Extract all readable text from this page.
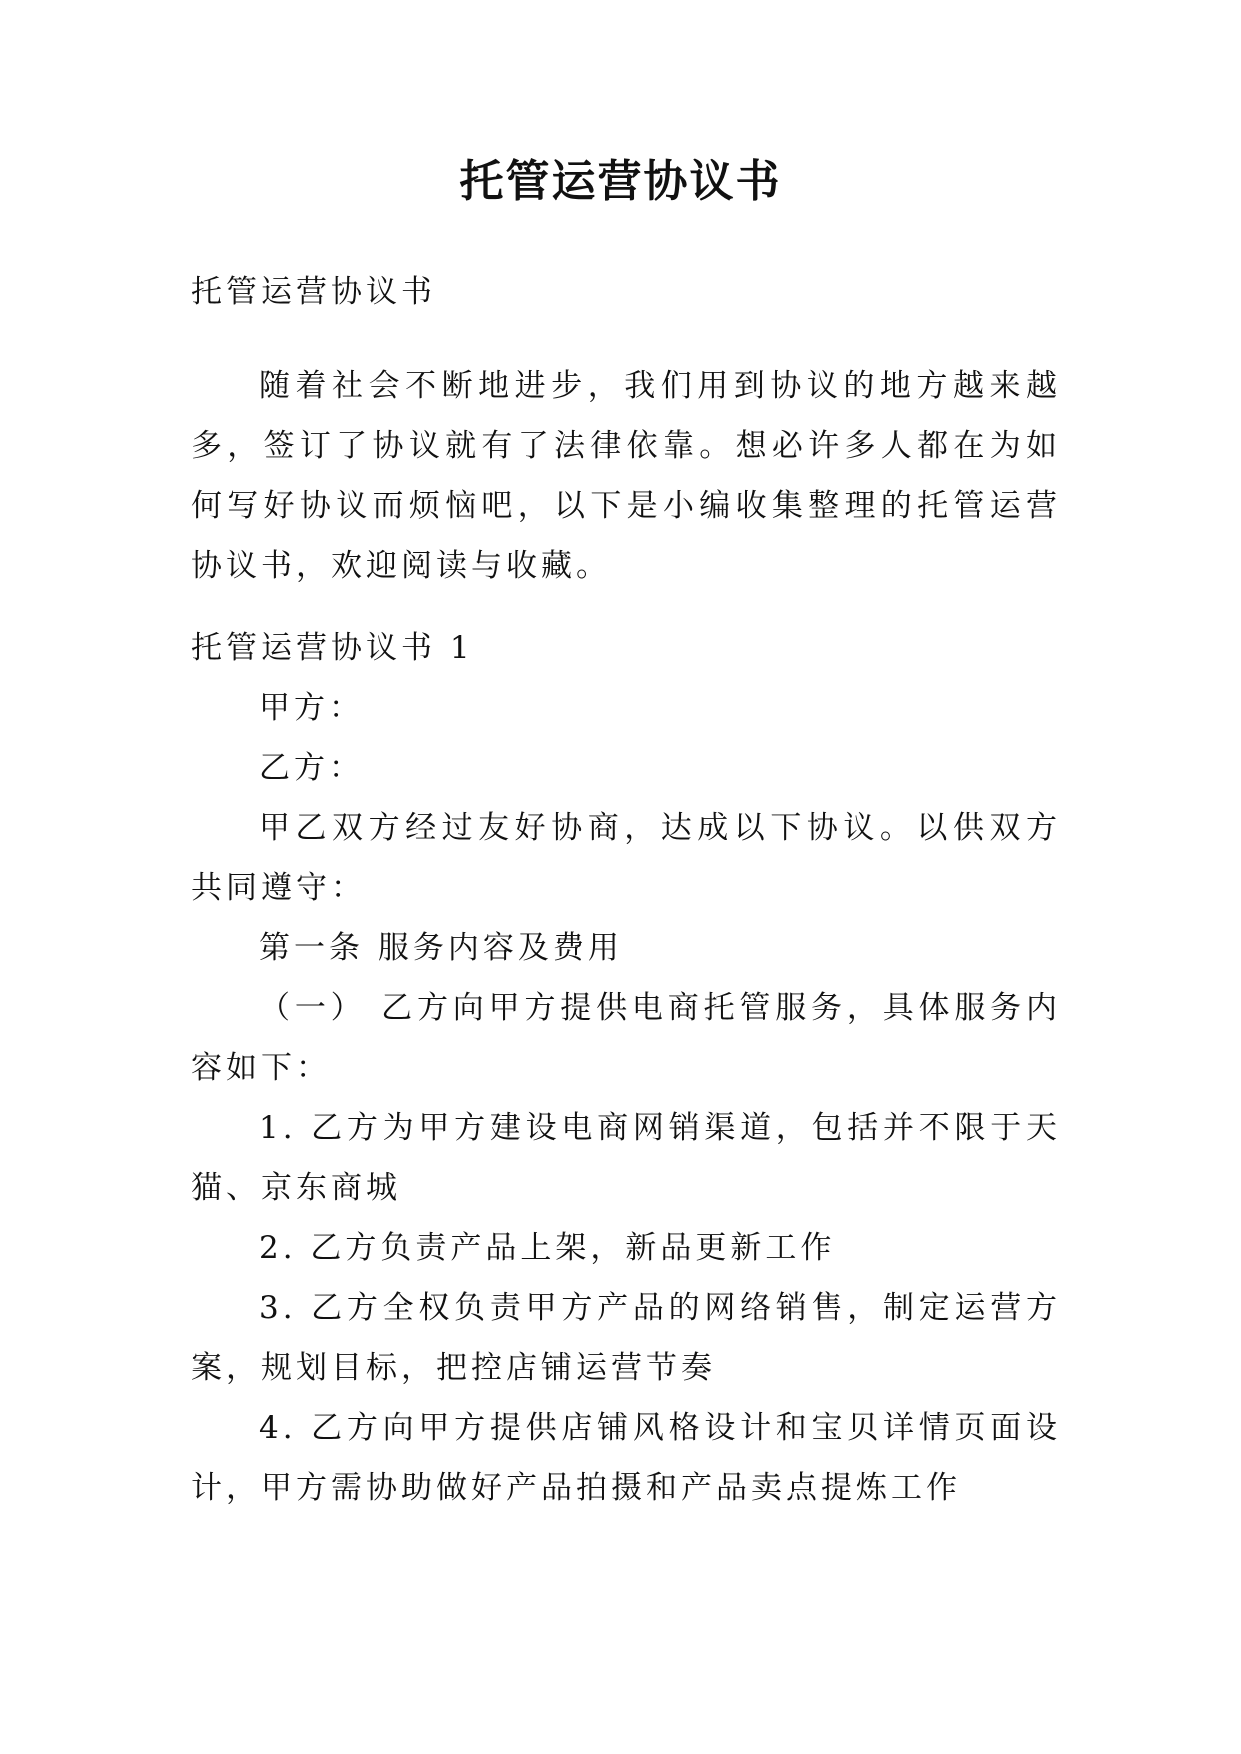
托管运营协议书

托管运营协议书

随着社会不断地进步，我们用到协议的地方越来越多，签订了协议就有了法律依靠。想必许多人都在为如何写好协议而烦恼吧，以下是小编收集整理的托管运营协议书，欢迎阅读与收藏。

托管运营协议书 1

甲方：

乙方：

甲乙双方经过友好协商，达成以下协议。以供双方共同遵守：

第一条 服务内容及费用

（一） 乙方向甲方提供电商托管服务，具体服务内容如下：

1. 乙方为甲方建设电商网销渠道，包括并不限于天猫、京东商城

2. 乙方负责产品上架，新品更新工作

3. 乙方全权负责甲方产品的网络销售，制定运营方案，规划目标，把控店铺运营节奏

4. 乙方向甲方提供店铺风格设计和宝贝详情页面设计，甲方需协助做好产品拍摄和产品卖点提炼工作
